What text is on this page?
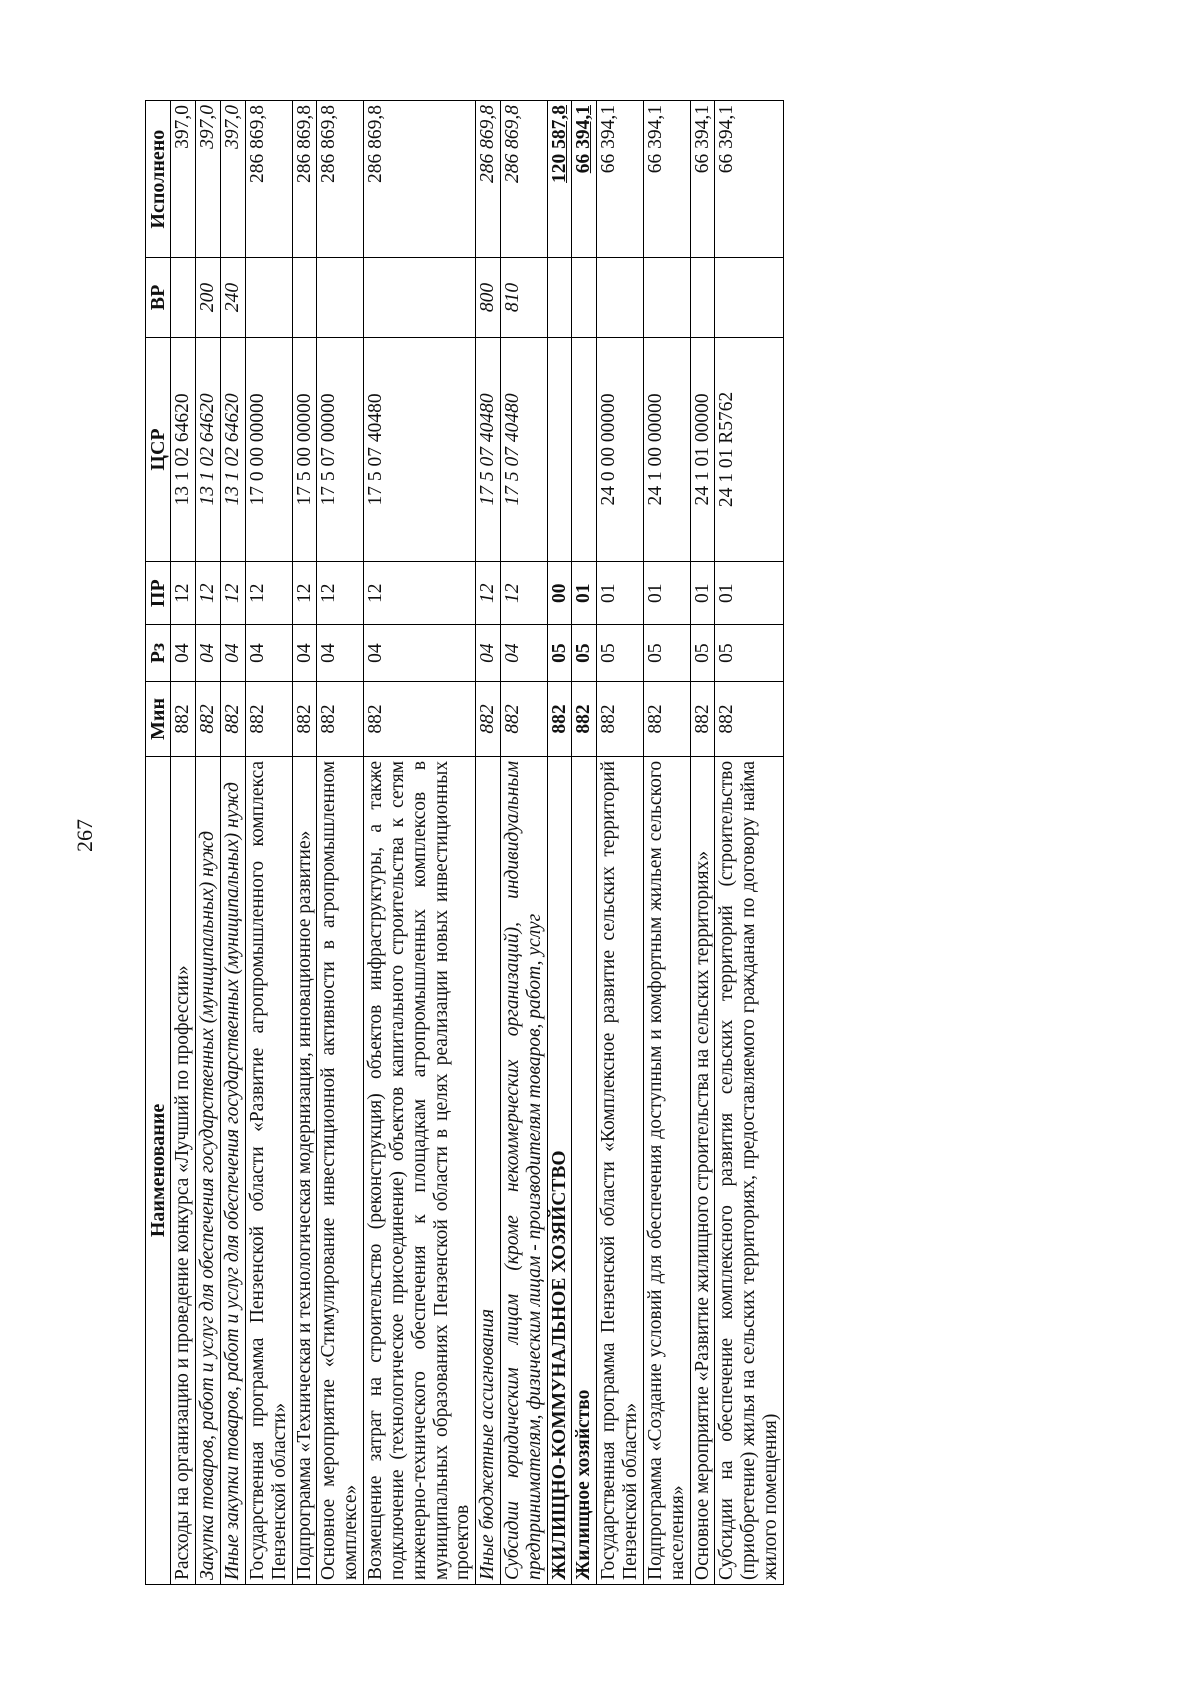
267
Наименование	Мин	Рз	ПР	ЦСР	ВР	Исполнено
Расходы на организацию и проведение конкурса «Лучший по профессии»	882	04	12	13 1 02 64620		397,0
Закупка товаров, работ и услуг для обеспечения государственных (муниципальных) нужд	882	04	12	13 1 02 64620	200	397,0
Иные закупки товаров, работ и услуг для обеспечения государственных (муниципальных) нужд	882	04	12	13 1 02 64620	240	397,0
Государственная программа Пензенской области «Развитие агропромышленного комплекса Пензенской области»	882	04	12	17 0 00 00000		286 869,8
Подпрограмма «Техническая и технологическая модернизация, инновационное развитие»	882	04	12	17 5 00 00000		286 869,8
Основное мероприятие «Стимулирование инвестиционной активности в агропромышленном комплексе»	882	04	12	17 5 07 00000		286 869,8
Возмещение затрат на строительство (реконструкция) объектов инфраструктуры, а также подключение (технологическое присоединение) объектов капитального строительства к сетям инженерно-технического обеспечения к площадкам агропромышленных комплексов в муниципальных образованиях Пензенской области в целях реализации новых инвестиционных проектов	882	04	12	17 5 07 40480		286 869,8
Иные бюджетные ассигнования	882	04	12	17 5 07 40480	800	286 869,8
Субсидии юридическим лицам (кроме некоммерческих организаций), индивидуальным предпринимателям, физическим лицам - производителям товаров, работ, услуг	882	04	12	17 5 07 40480	810	286 869,8
ЖИЛИЩНО-КОММУНАЛЬНОЕ ХОЗЯЙСТВО	882	05	00			120 587,8
Жилищное хозяйство	882	05	01			66 394,1
Государственная программа Пензенской области «Комплексное развитие сельских территорий Пензенской области»	882	05	01	24 0 00 00000		66 394,1
Подпрограмма «Создание условий для обеспечения доступным и комфортным жильем сельского населения»	882	05	01	24 1 00 00000		66 394,1
Основное мероприятие «Развитие жилищного строительства на сельских территориях»	882	05	01	24 1 01 00000		66 394,1
Субсидии на обеспечение комплексного развития сельских территорий (строительство (приобретение) жилья на сельских территориях, предоставляемого гражданам по договору найма жилого помещения)	882	05	01	24 1 01 R5762		66 394,1
